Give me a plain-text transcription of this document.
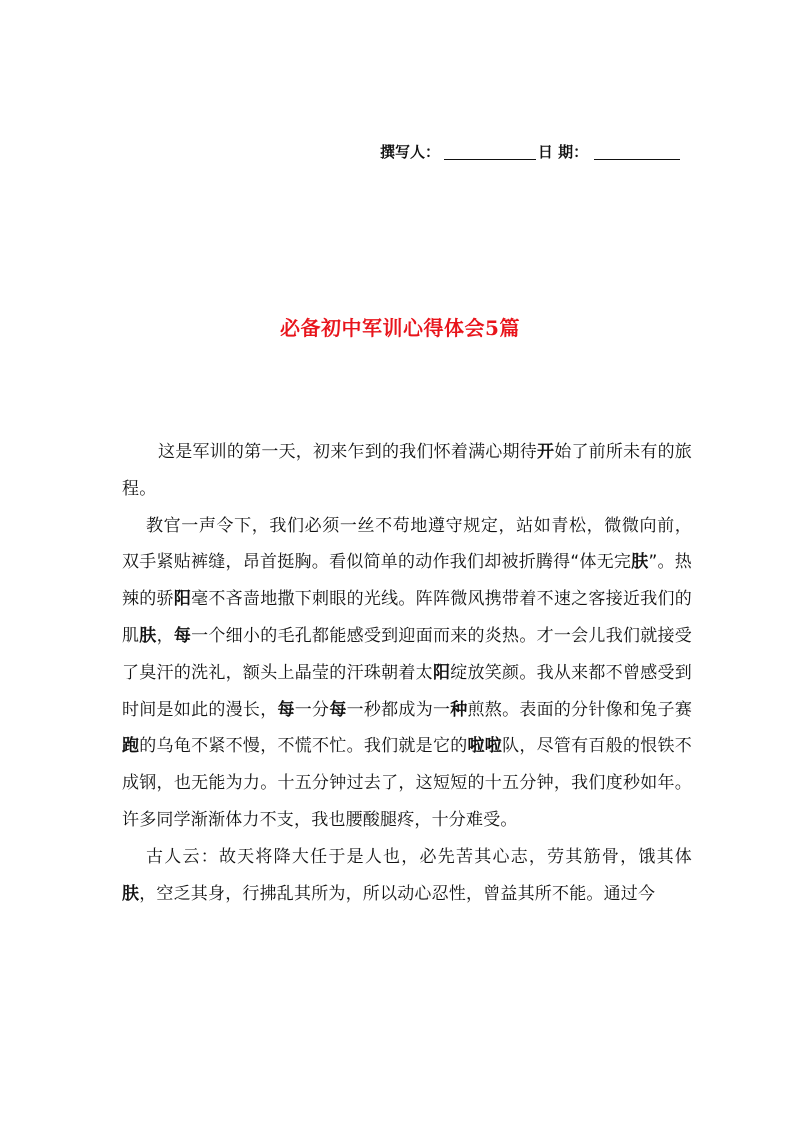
撰写人：	日 期：
必备初中军训心得体会5篇

这是军训的第一天，初来乍到的我们怀着满心期待开始了前所未有的旅程。

教官一声令下，我们必须一丝不苟地遵守规定，站如青松，微微向前，双手紧贴裤缝，昂首挺胸。看似简单的动作我们却被折腾得“体无完肤”。热辣的骄阳毫不吝啬地撒下刺眼的光线。阵阵微风携带着不速之客接近我们的肌肤，每一个细小的毛孔都能感受到迎面而来的炎热。才一会儿我们就接受了臭汗的洗礼，额头上晶莹的汗珠朝着太阳绽放笑颜。我从来都不曾感受到时间是如此的漫长，每一分每一秒都成为一种煎熬。表面的分针像和兔子赛跑的乌龟不紧不慢，不慌不忙。我们就是它的啦啦队，尽管有百般的恨铁不成钢，也无能为力。十五分钟过去了，这短短的十五分钟，我们度秒如年。许多同学渐渐体力不支，我也腰酸腿疼，十分难受。

古人云：故天将降大任于是人也，必先苦其心志，劳其筋骨，饿其体肤，空乏其身，行拂乱其所为，所以动心忍性，曾益其所不能。通过今
